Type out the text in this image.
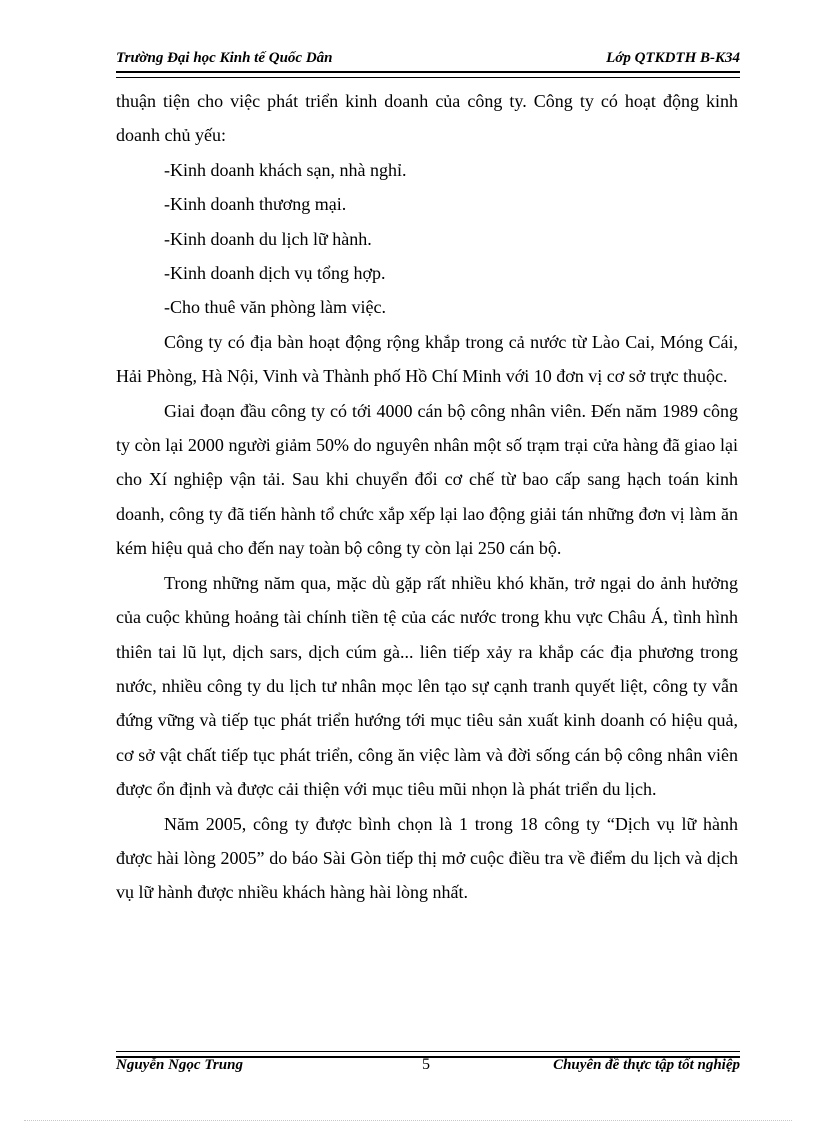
Trường Đại học Kinh tế Quốc Dân	Lớp QTKDTH B-K34

thuận tiện cho việc phát triển kinh doanh của công ty. Công ty có hoạt động kinh doanh chủ yếu:

-Kinh doanh khách sạn, nhà nghỉ.

-Kinh doanh thương mại.

-Kinh doanh du lịch lữ hành.

-Kinh doanh dịch vụ tổng hợp.

-Cho thuê văn phòng làm việc.

Công ty có địa bàn hoạt động rộng khắp trong cả nước từ Lào Cai, Móng Cái, Hải Phòng, Hà Nội, Vinh và Thành phố Hồ Chí Minh với 10 đơn vị cơ sở trực thuộc.

Giai đoạn đầu công ty có tới 4000 cán bộ công nhân viên. Đến năm 1989 công ty còn lại 2000 người giảm 50% do nguyên nhân một số trạm trại cửa hàng đã giao lại cho Xí nghiệp vận tải. Sau khi chuyển đổi cơ chế từ bao cấp sang hạch toán kinh doanh, công ty đã tiến hành tổ chức xắp xếp lại lao động giải tán những đơn vị làm ăn kém hiệu quả cho đến nay toàn bộ công ty còn lại 250 cán bộ.

Trong những năm qua, mặc dù gặp rất nhiều khó khăn, trở ngại do ảnh hưởng của cuộc khủng hoảng tài chính tiền tệ của các nước trong khu vực Châu Á, tình hình thiên tai lũ lụt, dịch sars, dịch cúm gà... liên tiếp xảy ra khắp các địa phương trong nước, nhiều công ty du lịch tư nhân mọc lên tạo sự cạnh tranh quyết liệt, công ty vẫn đứng vững và tiếp tục phát triển hướng tới mục tiêu sản xuất kinh doanh có hiệu quả, cơ sở vật chất tiếp tục phát triển, công ăn việc làm và đời sống cán bộ công nhân viên được ổn định và được cải thiện với mục tiêu mũi nhọn là phát triển du lịch.

Năm 2005, công ty được bình chọn là 1 trong 18 công ty “Dịch vụ lữ hành được hài lòng 2005” do báo Sài Gòn tiếp thị mở cuộc điều tra về điểm du lịch và dịch vụ lữ hành được nhiều khách hàng hài lòng nhất.

Nguyễn Ngọc Trung	5	Chuyên đề thực tập tốt nghiệp
